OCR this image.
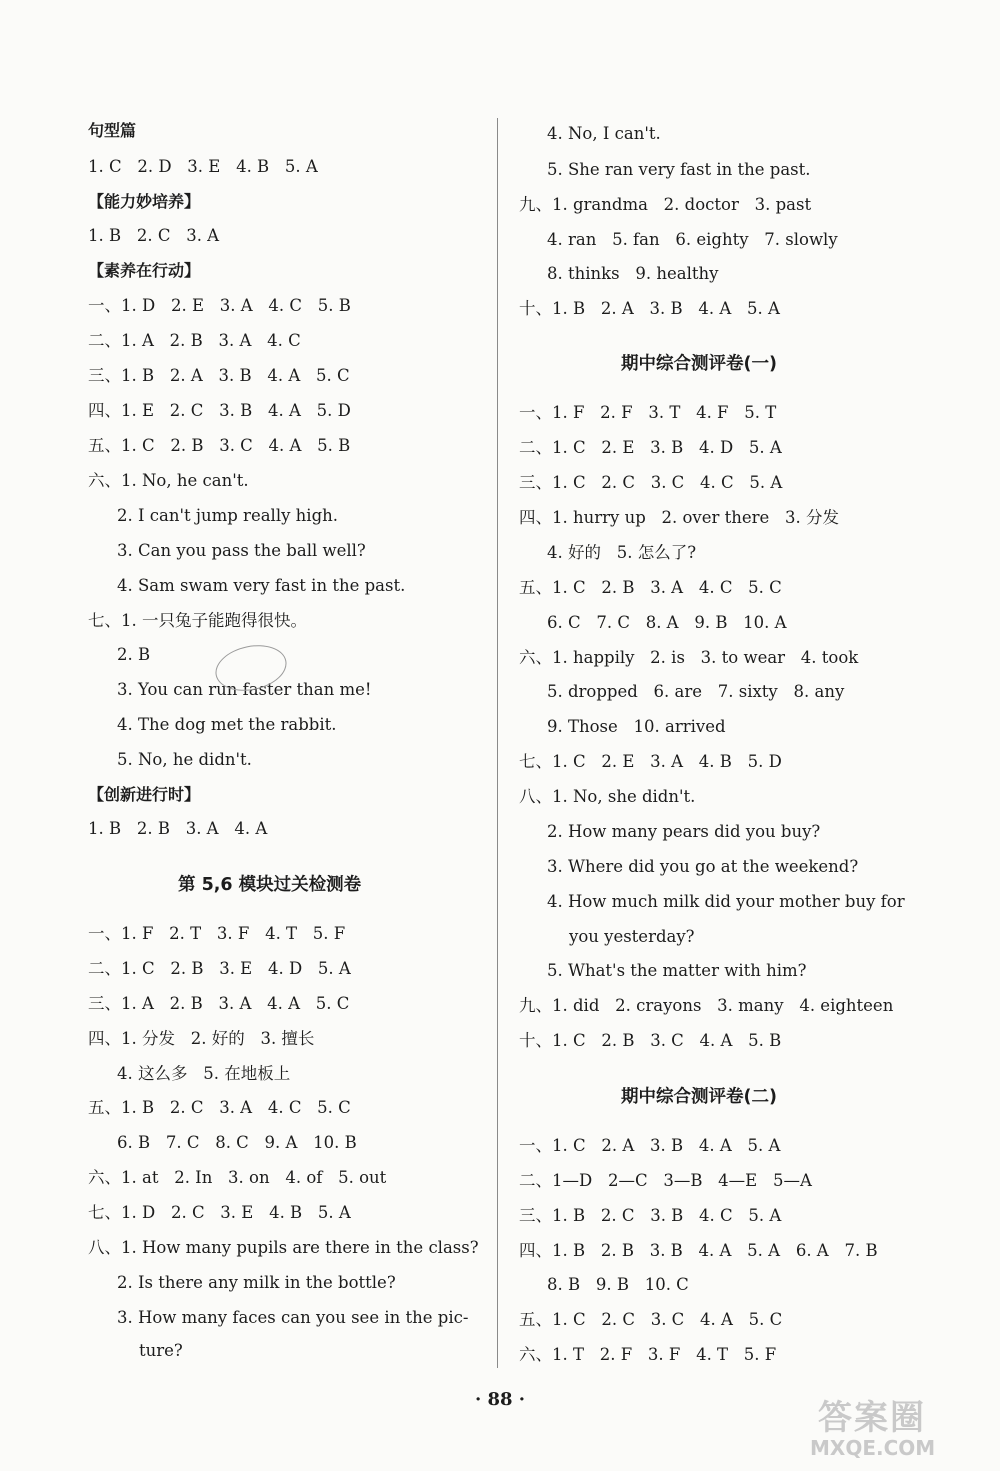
句型篇
1. C   2. D   3. E   4. B   5. A
【能力妙培养】
1. B   2. C   3. A
【素养在行动】
一、1. D   2. E   3. A   4. C   5. B
二、1. A   2. B   3. A   4. C
三、1. B   2. A   3. B   4. A   5. C
四、1. E   2. C   3. B   4. A   5. D
五、1. C   2. B   3. C   4. A   5. B
六、1. No, he can't.
2. I can't jump really high.
3. Can you pass the ball well?
4. Sam swam very fast in the past.
七、1. 一只兔子能跑得很快。
2. B
3. You can run faster than me!
4. The dog met the rabbit.
5. No, he didn't.
【创新进行时】
1. B   2. B   3. A   4. A
第 5,6 模块过关检测卷
一、1. F   2. T   3. F   4. T   5. F
二、1. C   2. B   3. E   4. D   5. A
三、1. A   2. B   3. A   4. A   5. C
四、1. 分发   2. 好的   3. 擅长
4. 这么多   5. 在地板上
五、1. B   2. C   3. A   4. C   5. C
6. B   7. C   8. C   9. A   10. B
六、1. at   2. In   3. on   4. of   5. out
七、1. D   2. C   3. E   4. B   5. A
八、1. How many pupils are there in the class?
2. Is there any milk in the bottle?
3. How many faces can you see in the pic-
ture?
4. No, I can't.
5. She ran very fast in the past.
九、1. grandma   2. doctor   3. past
4. ran   5. fan   6. eighty   7. slowly
8. thinks   9. healthy
十、1. B   2. A   3. B   4. A   5. A
期中综合测评卷(一)
一、1. F   2. F   3. T   4. F   5. T
二、1. C   2. E   3. B   4. D   5. A
三、1. C   2. C   3. C   4. C   5. A
四、1. hurry up   2. over there   3. 分发
4. 好的   5. 怎么了?
五、1. C   2. B   3. A   4. C   5. C
6. C   7. C   8. A   9. B   10. A
六、1. happily   2. is   3. to wear   4. took
5. dropped   6. are   7. sixty   8. any
9. Those   10. arrived
七、1. C   2. E   3. A   4. B   5. D
八、1. No, she didn't.
2. How many pears did you buy?
3. Where did you go at the weekend?
4. How much milk did your mother buy for
you yesterday?
5. What's the matter with him?
九、1. did   2. crayons   3. many   4. eighteen
十、1. C   2. B   3. C   4. A   5. B
期中综合测评卷(二)
一、1. C   2. A   3. B   4. A   5. A
二、1—D   2—C   3—B   4—E   5—A
三、1. B   2. C   3. B   4. C   5. A
四、1. B   2. B   3. B   4. A   5. A   6. A   7. B
8. B   9. B   10. C
五、1. C   2. C   3. C   4. A   5. C
六、1. T   2. F   3. F   4. T   5. F
· 88 ·	答案圈
MXQE.COM
